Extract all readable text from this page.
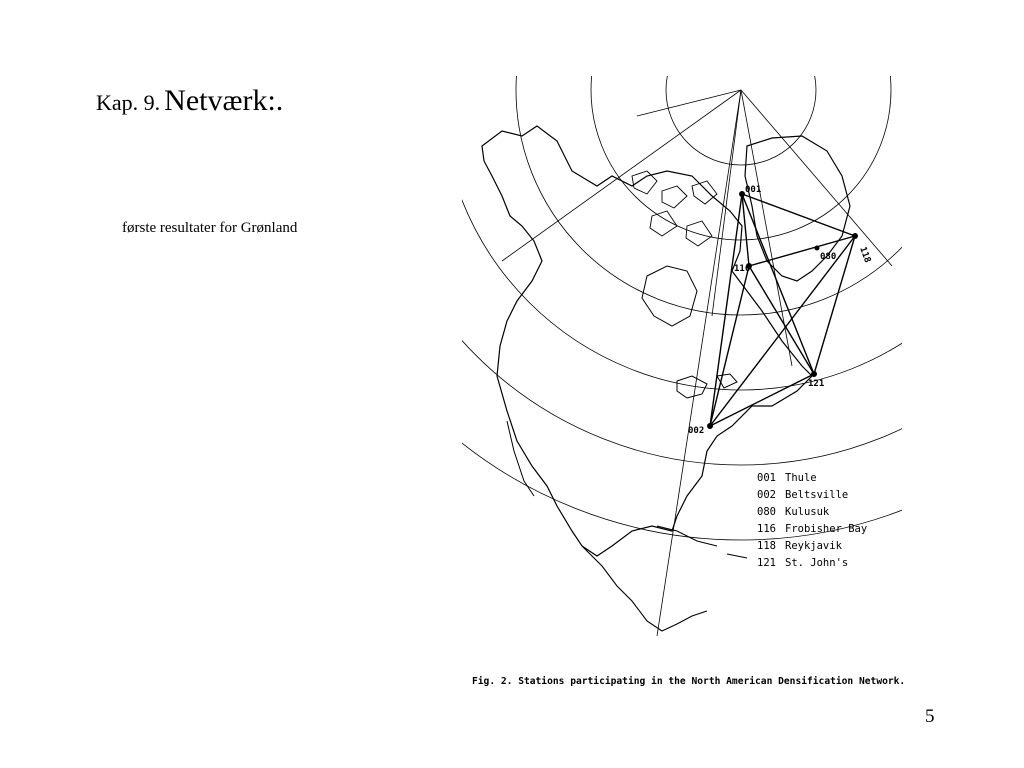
Kap. 9. Netværk:.
første resultater for Grønland
001
116
080 118
121
002
001 Thule
002 Beltsville
080 Kulusuk
116 Frobisher Bay
118 Reykjavik
121 St. John's
Fig. 2. Stations participating in the North American Densification Network.
5
